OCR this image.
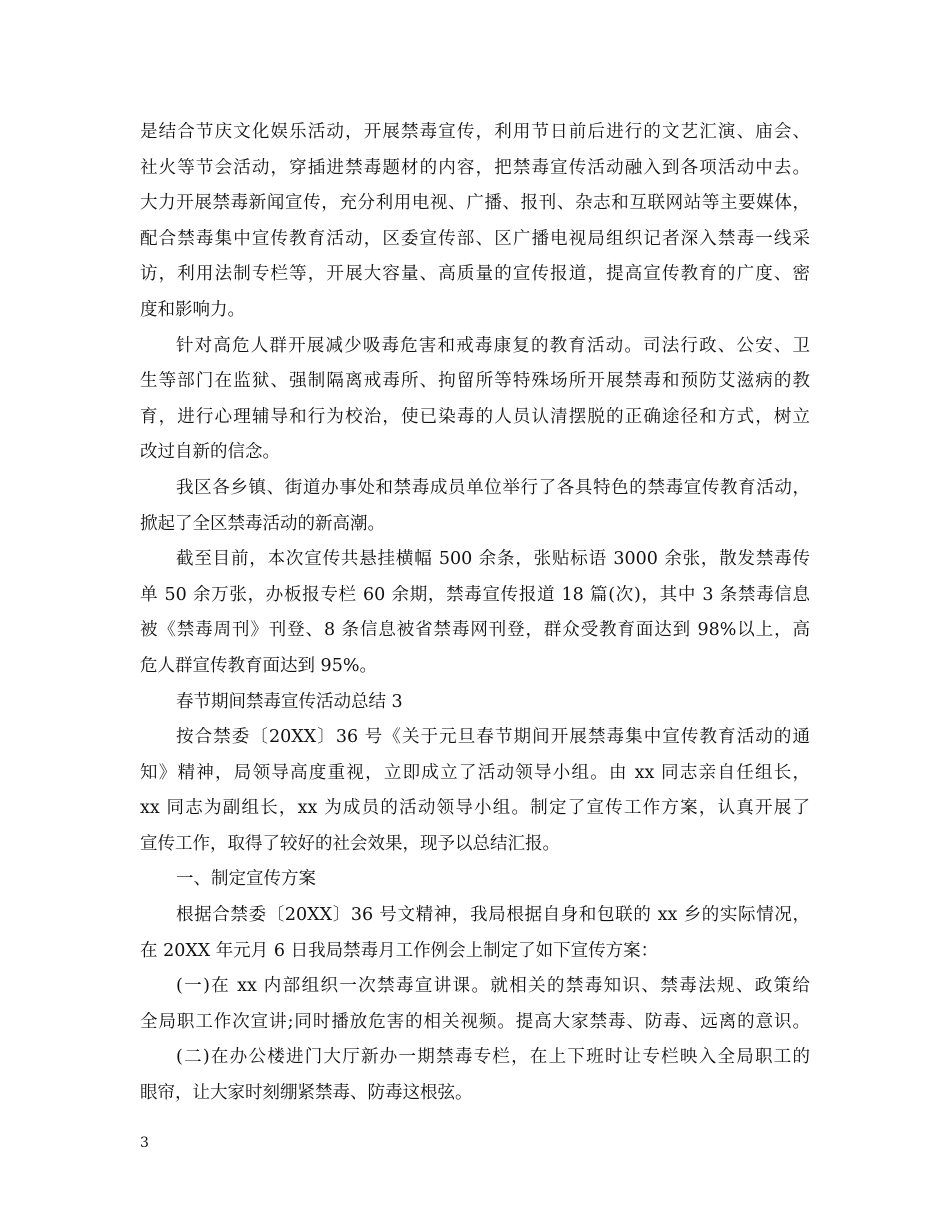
是结合节庆文化娱乐活动，开展禁毒宣传，利用节日前后进行的文艺汇演、庙会、
社火等节会活动，穿插进禁毒题材的内容，把禁毒宣传活动融入到各项活动中去。
大力开展禁毒新闻宣传，充分利用电视、广播、报刊、杂志和互联网站等主要媒体，
配合禁毒集中宣传教育活动，区委宣传部、区广播电视局组织记者深入禁毒一线采
访，利用法制专栏等，开展大容量、高质量的宣传报道，提高宣传教育的广度、密
度和影响力。
针对高危人群开展减少吸毒危害和戒毒康复的教育活动。司法行政、公安、卫
生等部门在监狱、强制隔离戒毒所、拘留所等特殊场所开展禁毒和预防艾滋病的教
育，进行心理辅导和行为校治，使已染毒的人员认清摆脱的正确途径和方式，树立
改过自新的信念。
我区各乡镇、街道办事处和禁毒成员单位举行了各具特色的禁毒宣传教育活动，
掀起了全区禁毒活动的新高潮。
截至目前，本次宣传共悬挂横幅 500 余条，张贴标语 3000 余张，散发禁毒传
单 50 余万张，办板报专栏 60 余期，禁毒宣传报道 18 篇(次)，其中 3 条禁毒信息
被《禁毒周刊》刊登、8 条信息被省禁毒网刊登，群众受教育面达到 98%以上，高
危人群宣传教育面达到 95%。
春节期间禁毒宣传活动总结 3
按合禁委〔20XX〕36 号《关于元旦春节期间开展禁毒集中宣传教育活动的通
知》精神，局领导高度重视，立即成立了活动领导小组。由 xx 同志亲自任组长，
xx 同志为副组长，xx 为成员的活动领导小组。制定了宣传工作方案，认真开展了
宣传工作，取得了较好的社会效果，现予以总结汇报。
一、制定宣传方案
根据合禁委〔20XX〕36 号文精神，我局根据自身和包联的 xx 乡的实际情况，
在 20XX 年元月 6 日我局禁毒月工作例会上制定了如下宣传方案：
(一)在 xx 内部组织一次禁毒宣讲课。就相关的禁毒知识、禁毒法规、政策给
全局职工作次宣讲;同时播放危害的相关视频。提高大家禁毒、防毒、远离的意识。
(二)在办公楼进门大厅新办一期禁毒专栏，在上下班时让专栏映入全局职工的
眼帘，让大家时刻绷紧禁毒、防毒这根弦。
3
